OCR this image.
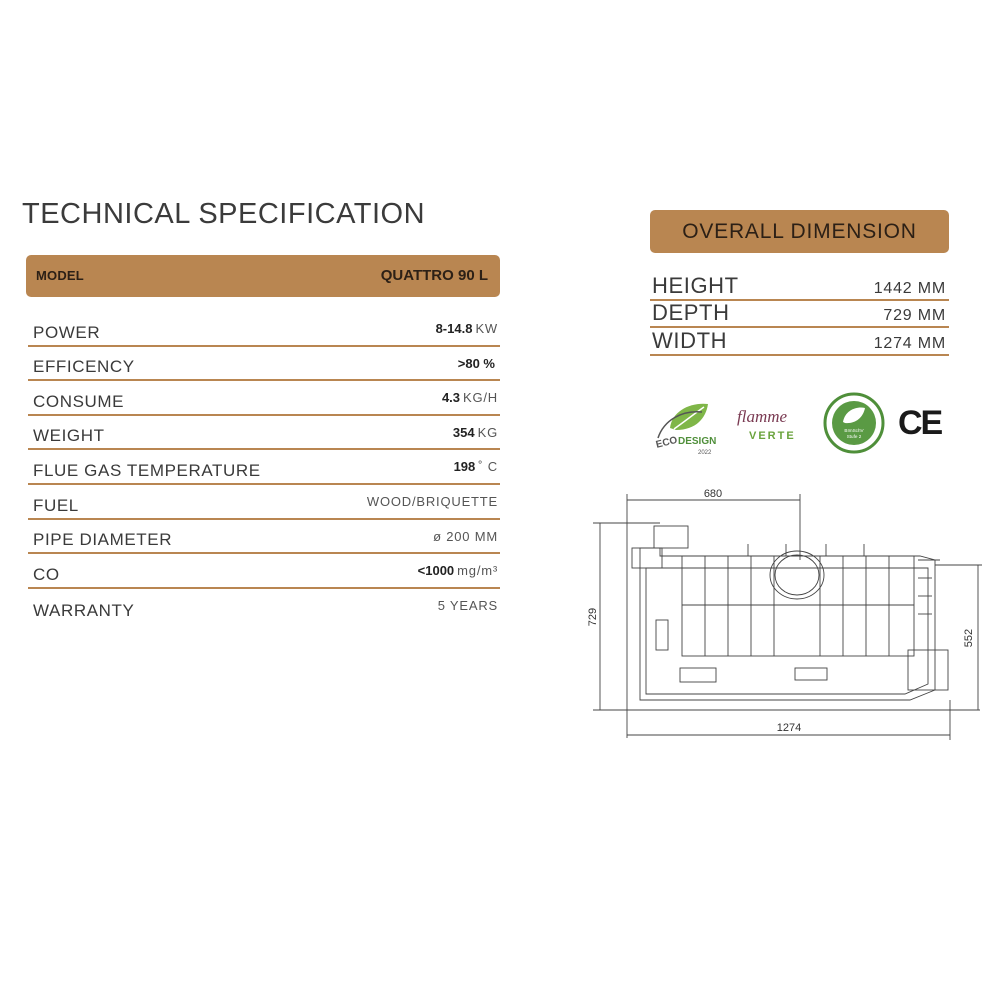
TECHNICAL SPECIFICATION
MODEL	QUATTRO 90 L
POWER	8-14.8 KW
EFFICENCY	>80 %
CONSUME	4.3 KG/H
WEIGHT	354 KG
FLUE GAS TEMPERATURE	198 ˚ C
FUEL	WOOD/BRIQUETTE
PIPE DIAMETER	ø 200 MM
CO	<1000 mg/m³
WARRANTY	5 YEARS
OVERALL DIMENSION
HEIGHT	1442 MM
DEPTH	729 MM
WIDTH	1274 MM
ECO DESIGN
2022
flamme
VERTE	BImSchV
Stufe 2 CE
680
729
552
1274
